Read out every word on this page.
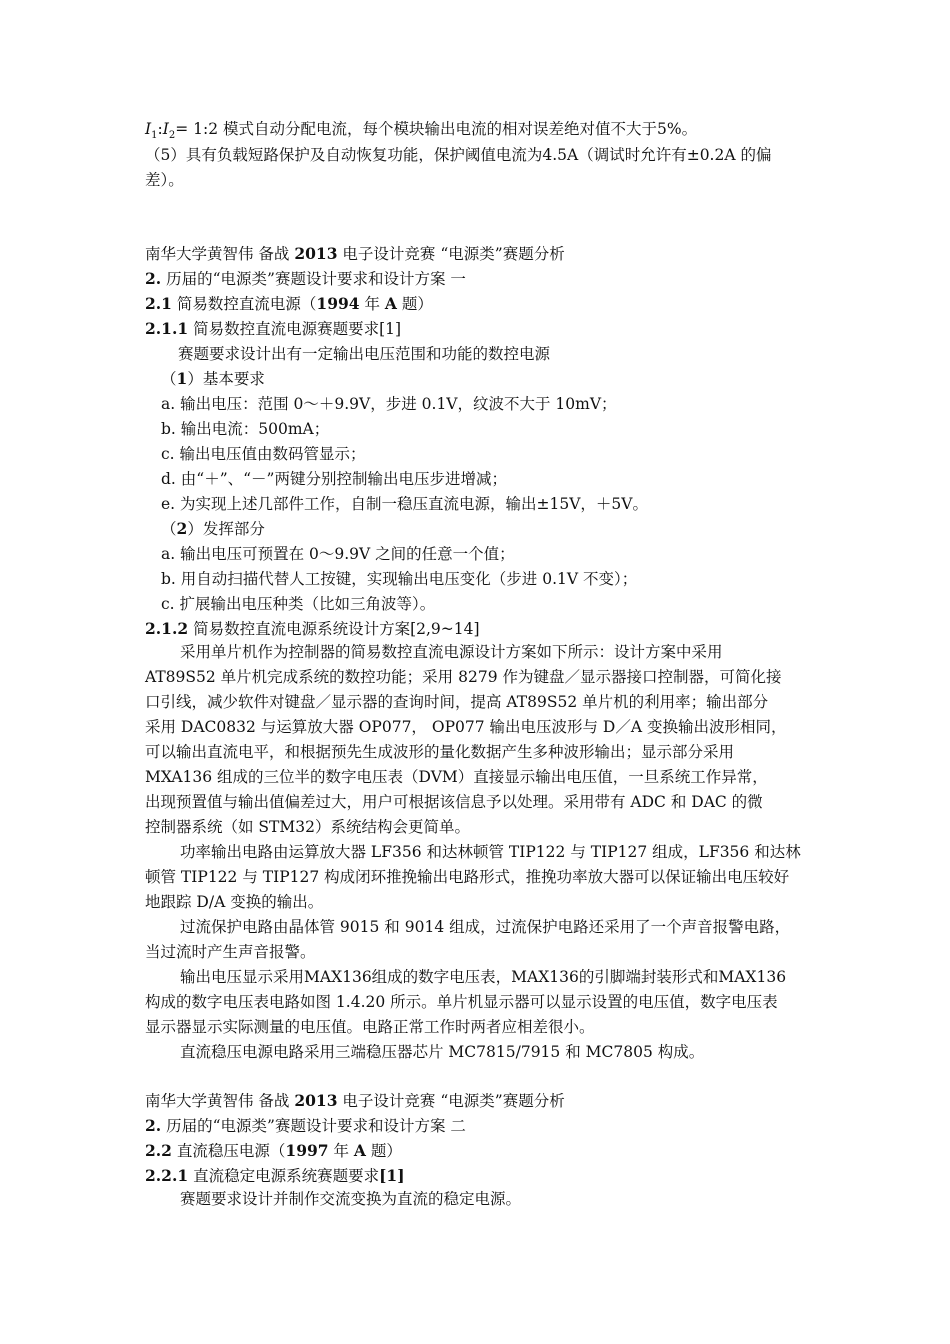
$I_1:I_2=$ 1:2 模式自动分配电流，每个模块输出电流的相对误差绝对值不大于5%。
（5）具有负载短路保护及自动恢复功能，保护阈值电流为4.5A（调试时允许有±0.2A 的偏
差）。
南华大学黄智伟 备战 2013 电子设计竞赛 “电源类”赛题分析
2. 历届的“电源类”赛题设计要求和设计方案 一
2.1 简易数控直流电源（1994 年 A 题）
2.1.1 简易数控直流电源赛题要求[1]
赛题要求设计出有一定输出电压范围和功能的数控电源
（1）基本要求
a. 输出电压：范围 0～＋9.9V，步进 0.1V，纹波不大于 10mV；
b. 输出电流：500mA；
c. 输出电压值由数码管显示；
d. 由“＋”、“－”两键分别控制输出电压步进增减；
e. 为实现上述几部件工作，自制一稳压直流电源，输出±15V，＋5V。
（2）发挥部分
a. 输出电压可预置在 0～9.9V 之间的任意一个值；
b. 用自动扫描代替人工按键，实现输出电压变化（步进 0.1V 不变）；
c. 扩展输出电压种类（比如三角波等）。
2.1.2 简易数控直流电源系统设计方案[2,9~14]
采用单片机作为控制器的简易数控直流电源设计方案如下所示：设计方案中采用
AT89S52 单片机完成系统的数控功能；采用 8279 作为键盘／显示器接口控制器，可简化接
口引线，减少软件对键盘／显示器的查询时间，提高 AT89S52 单片机的利用率；输出部分
采用 DAC0832 与运算放大器 OP077， OP077 输出电压波形与 D／A 变换输出波形相同，
可以输出直流电平，和根据预先生成波形的量化数据产生多种波形输出；显示部分采用
MXA136 组成的三位半的数字电压表（DVM）直接显示输出电压值，一旦系统工作异常，
出现预置值与输出值偏差过大，用户可根据该信息予以处理。采用带有 ADC 和 DAC 的微
控制器系统（如 STM32）系统结构会更简单。
功率输出电路由运算放大器 LF356 和达林顿管 TIP122 与 TIP127 组成，LF356 和达林
顿管 TIP122 与 TIP127 构成闭环推挽输出电路形式，推挽功率放大器可以保证输出电压较好
地跟踪 D/A 变换的输出。
过流保护电路由晶体管 9015 和 9014 组成，过流保护电路还采用了一个声音报警电路，
当过流时产生声音报警。
输出电压显示采用MAX136组成的数字电压表，MAX136的引脚端封装形式和MAX136
构成的数字电压表电路如图 1.4.20 所示。单片机显示器可以显示设置的电压值，数字电压表
显示器显示实际测量的电压值。电路正常工作时两者应相差很小。
直流稳压电源电路采用三端稳压器芯片 MC7815/7915 和 MC7805 构成。
南华大学黄智伟 备战 2013 电子设计竞赛 “电源类”赛题分析
2. 历届的“电源类”赛题设计要求和设计方案 二
2.2 直流稳压电源（1997 年 A 题）
2.2.1 直流稳定电源系统赛题要求[1]
赛题要求设计并制作交流变换为直流的稳定电源。
